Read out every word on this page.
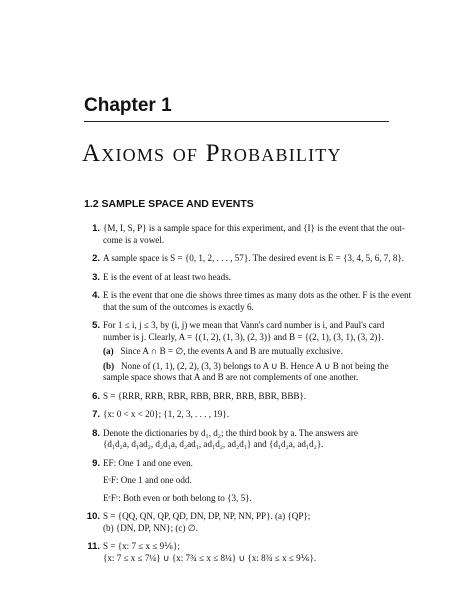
Chapter 1
Axioms of Probability
1.2 SAMPLE SPACE AND EVENTS
1. {M, I, S, P} is a sample space for this experiment, and {I} is the event that the out-
come is a vowel.
2. A sample space is S = {0, 1, 2, . . . , 57}. The desired event is E = {3, 4, 5, 6, 7, 8}.
3. E is the event of at least two heads.
4. E is the event that one die shows three times as many dots as the other. F is the event
that the sum of the outcomes is exactly 6.
5. For 1 ≤ i, j ≤ 3, by (i, j) we mean that Vann's card number is i, and Paul's card
number is j. Clearly, A = {(1, 2), (1, 3), (2, 3)} and B = {(2, 1), (3, 1), (3, 2)}.
(a) Since A ∩ B = ∅, the events A and B are mutually exclusive.
(b) None of (1, 1), (2, 2), (3, 3) belongs to A ∪ B. Hence A ∪ B not being the
sample space shows that A and B are not complements of one another.
6. S = {RRR, RRB, RBR, RBB, BRR, BRB, BBR, BBB}.
7. {x: 0 < x < 20}; {1, 2, 3, . . . , 19}.
8. Denote the dictionaries by d₁, d₂; the third book by a. The answers are
{d₁d₂a, d₁ad₂, d₂d₁a, d₂ad₁, ad₁d₂, ad₂d₁} and {d₁d₂a, ad₁d₂}.
9. EF: One 1 and one even.
EᶜF: One 1 and one odd.
EᶜFᶜ: Both even or both belong to {3, 5}.
10. S = {QQ, QN, QP, QD, DN, DP, NP, NN, PP}. (a) {QP};
(b) {DN, DP, NN}; (c) ∅.
11. S = {x: 7 ≤ x ≤ 9⅙};
{x: 7 ≤ x ≤ 7¼} ∪ {x: 7¾ ≤ x ≤ 8¼} ∪ {x: 8¾ ≤ x ≤ 9⅙}.
